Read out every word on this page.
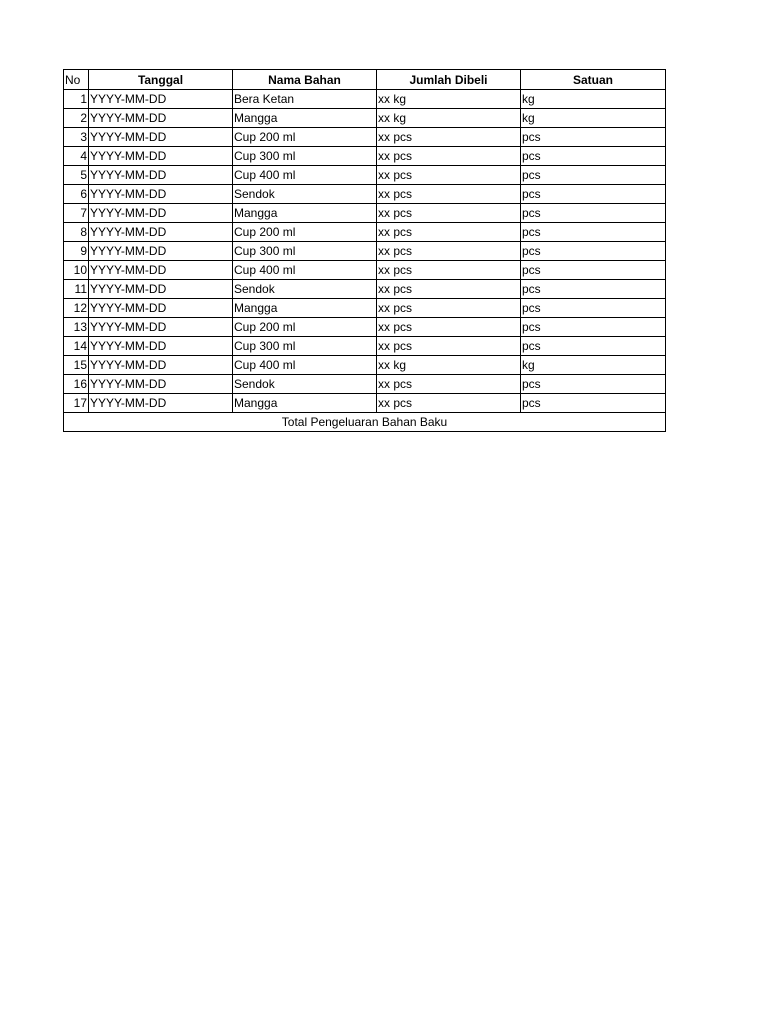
No	Tanggal	Nama Bahan	Jumlah Dibeli	Satuan
1	YYYY-MM-DD	Bera Ketan	xx kg	kg
2	YYYY-MM-DD	Mangga	xx kg	kg
3	YYYY-MM-DD	Cup 200 ml	xx pcs	pcs
4	YYYY-MM-DD	Cup 300 ml	xx pcs	pcs
5	YYYY-MM-DD	Cup 400 ml	xx pcs	pcs
6	YYYY-MM-DD	Sendok	xx pcs	pcs
7	YYYY-MM-DD	Mangga	xx pcs	pcs
8	YYYY-MM-DD	Cup 200 ml	xx pcs	pcs
9	YYYY-MM-DD	Cup 300 ml	xx pcs	pcs
10	YYYY-MM-DD	Cup 400 ml	xx pcs	pcs
11	YYYY-MM-DD	Sendok	xx pcs	pcs
12	YYYY-MM-DD	Mangga	xx pcs	pcs
13	YYYY-MM-DD	Cup 200 ml	xx pcs	pcs
14	YYYY-MM-DD	Cup 300 ml	xx pcs	pcs
15	YYYY-MM-DD	Cup 400 ml	xx kg	kg
16	YYYY-MM-DD	Sendok	xx pcs	pcs
17	YYYY-MM-DD	Mangga	xx pcs	pcs
Total Pengeluaran Bahan Baku				
